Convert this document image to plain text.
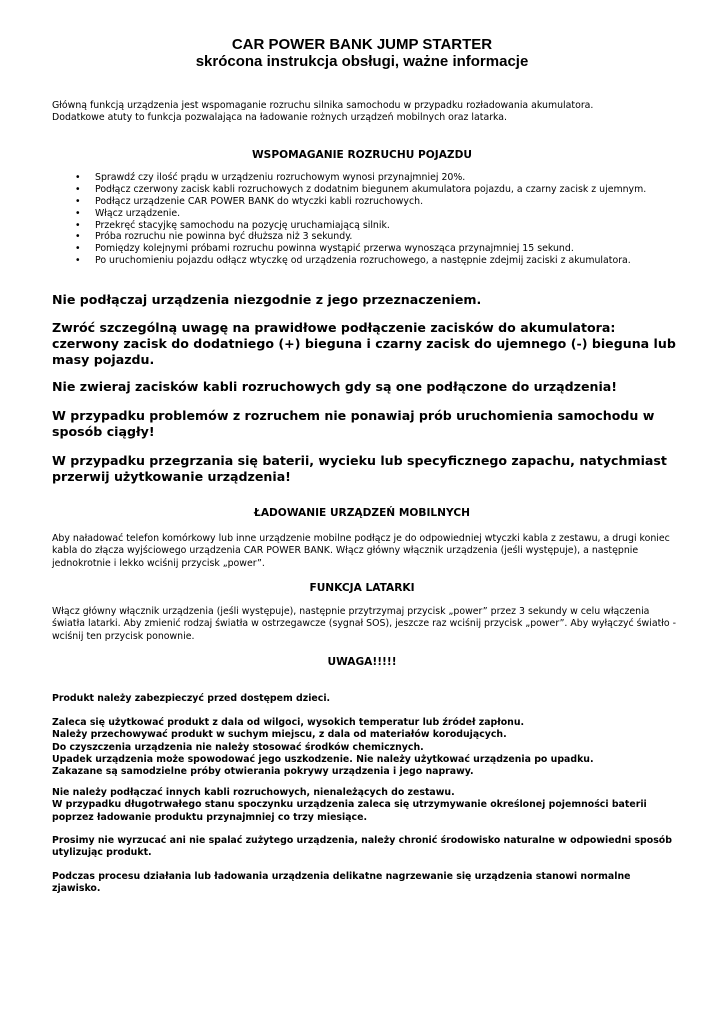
CAR POWER BANK JUMP STARTER
skrócona instrukcja obsługi, ważne informacje

Główną funkcją urządzenia jest wspomaganie rozruchu silnika samochodu w przypadku rozładowania akumulatora.

Dodatkowe atuty to funkcja pozwalająca na ładowanie rożnych urządzeń mobilnych oraz latarka.

WSPOMAGANIE ROZRUCHU POJAZDU
• Sprawdź czy ilość prądu w urządzeniu rozruchowym wynosi przynajmniej 20%.
• Podłącz czerwony zacisk kabli rozruchowych z dodatnim biegunem akumulatora pojazdu, a czarny zacisk z ujemnym.
• Podłącz urządzenie CAR POWER BANK do wtyczki kabli rozruchowych.
• Włącz urządzenie.
• Przekręć stacyjkę samochodu na pozycję uruchamiającą silnik.
• Próba rozruchu nie powinna być dłuższa niż 3 sekundy.
• Pomiędzy kolejnymi próbami rozruchu powinna wystąpić przerwa wynosząca przynajmniej 15 sekund.
• Po uruchomieniu pojazdu odłącz wtyczkę od urządzenia rozruchowego, a następnie zdejmij zaciski z akumulatora.

Nie podłączaj urządzenia niezgodnie z jego przeznaczeniem.

Zwróć szczególną uwagę na prawidłowe podłączenie zacisków do akumulatora: czerwony zacisk do dodatniego (+) bieguna i czarny zacisk do ujemnego (-) bieguna lub masy pojazdu.

Nie zwieraj zacisków kabli rozruchowych gdy są one podłączone do urządzenia!

W przypadku problemów z rozruchem nie ponawiaj prób uruchomienia samochodu w sposób ciągły!

W przypadku przegrzania się baterii, wycieku lub specyficznego zapachu, natychmiast przerwij użytkowanie urządzenia!

ŁADOWANIE URZĄDZEŃ MOBILNYCH

Aby naładować telefon komórkowy lub inne urządzenie mobilne podłącz je do odpowiedniej wtyczki kabla z zestawu, a drugi koniec kabla do złącza wyjściowego urządzenia CAR POWER BANK. Włącz główny włącznik urządzenia (jeśli występuje), a następnie jednokrotnie i lekko wciśnij przycisk „power”.

FUNKCJA LATARKI

Włącz główny włącznik urządzenia (jeśli występuje), następnie przytrzymaj przycisk „power” przez 3 sekundy w celu włączenia światła latarki. Aby zmienić rodzaj światła w ostrzegawcze (sygnał SOS), jeszcze raz wciśnij przycisk „power”. Aby wyłączyć światło - wciśnij ten przycisk ponownie.

UWAGA!!!!!

Produkt należy zabezpieczyć przed dostępem dzieci.

Zaleca się użytkować produkt z dala od wilgoci, wysokich temperatur lub źródeł zapłonu.
Należy przechowywać produkt w suchym miejscu, z dala od materiałów korodujących.
Do czyszczenia urządzenia nie należy stosować środków chemicznych.
Upadek urządzenia może spowodować jego uszkodzenie. Nie należy użytkować urządzenia po upadku.
Zakazane są samodzielne próby otwierania pokrywy urządzenia i jego naprawy.
Nie należy podłączać innych kabli rozruchowych, nienależących do zestawu.
W przypadku długotrwałego stanu spoczynku urządzenia zaleca się utrzymywanie określonej pojemności baterii poprzez ładowanie produktu przynajmniej co trzy miesiące.

Prosimy nie wyrzucać ani nie spalać zużytego urządzenia, należy chronić środowisko naturalne w odpowiedni sposób utylizując produkt.

Podczas procesu działania lub ładowania urządzenia delikatne nagrzewanie się urządzenia stanowi normalne zjawisko.
